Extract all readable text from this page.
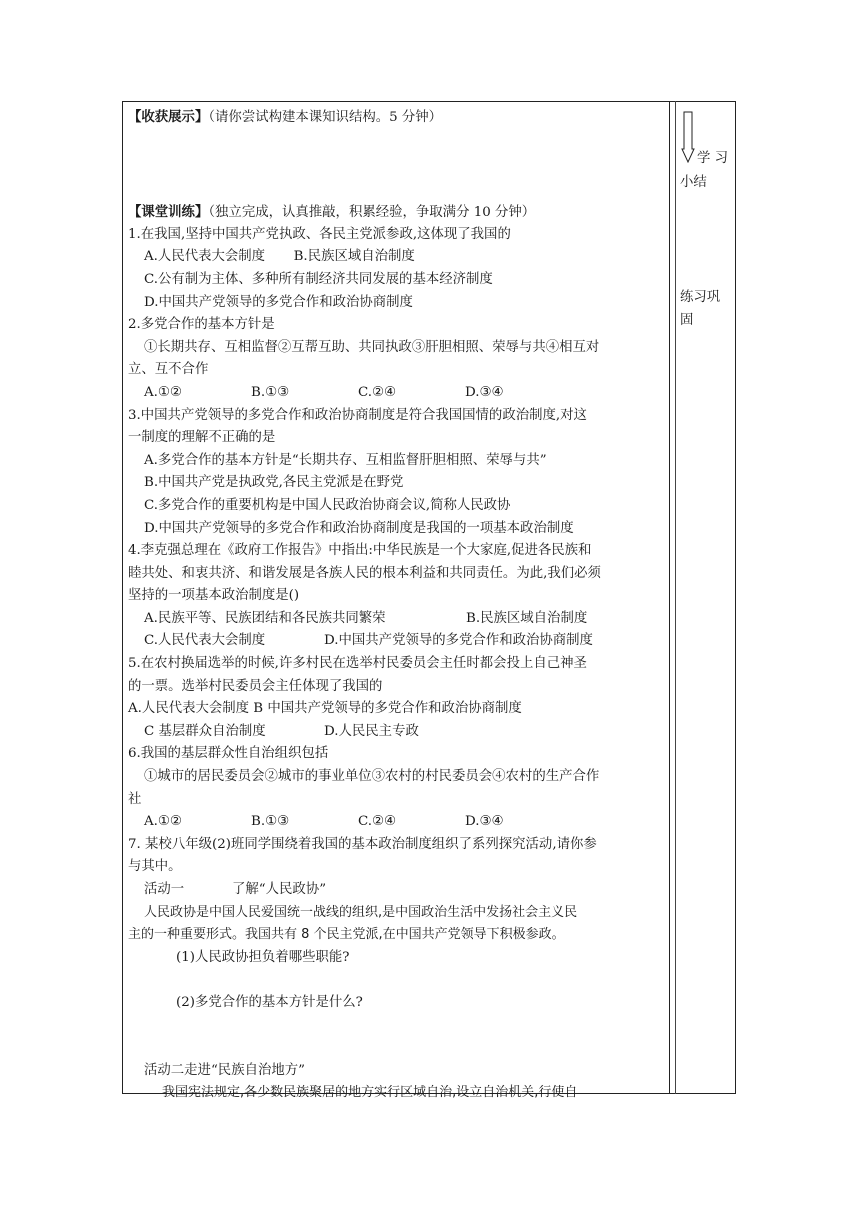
【收获展示】（请你尝试构建本课知识结构。5 分钟）
【课堂训练】（独立完成，认真推敲，积累经验，争取满分 10 分钟）
1.在我国,坚持中国共产党执政、各民主党派参政,这体现了我国的
A.人民代表大会制度 B.民族区域自治制度
C.公有制为主体、多种所有制经济共同发展的基本经济制度
D.中国共产党领导的多党合作和政治协商制度
2.多党合作的基本方针是
①长期共存、互相监督②互帮互助、共同执政③肝胆相照、荣辱与共④相互对
立、互不合作
A.①②	B.①③	C.②④	D.③④
3.中国共产党领导的多党合作和政治协商制度是符合我国国情的政治制度,对这
一制度的理解不正确的是
A.多党合作的基本方针是“长期共存、互相监督肝胆相照、荣辱与共”
B.中国共产党是执政党,各民主党派是在野党
C.多党合作的重要机构是中国人民政治协商会议,简称人民政协
D.中国共产党领导的多党合作和政治协商制度是我国的一项基本政治制度
4.李克强总理在《政府工作报告》中指出:中华民族是一个大家庭,促进各民族和
睦共处、和衷共济、和谐发展是各族人民的根本利益和共同责任。为此,我们必须
坚持的一项基本政治制度是()
A.民族平等、民族团结和各民族共同繁荣	B.民族区域自治制度
C.人民代表大会制度	D.中国共产党领导的多党合作和政治协商制度
5.在农村换届选举的时候,许多村民在选举村民委员会主任时都会投上自己神圣
的一票。选举村民委员会主任体现了我国的
A.人民代表大会制度 B 中国共产党领导的多党合作和政治协商制度
C 基层群众自治制度	D.人民民主专政
6.我国的基层群众性自治组织包括
①城市的居民委员会②城市的事业单位③农村的村民委员会④农村的生产合作
社
A.①②	B.①③	C.②④	D.③④
7. 某校八年级(2)班同学围绕着我国的基本政治制度组织了系列探究活动,请你参
与其中。
活动一	了解“人民政协”
人民政协是中国人民爱国统一战线的组织,是中国政治生活中发扬社会主义民
主的一种重要形式。我国共有 8 个民主党派,在中国共产党领导下积极参政。
(1)人民政协担负着哪些职能?
(2)多党合作的基本方针是什么?
活动二走进“民族自治地方”
我国宪法规定,各少数民族聚居的地方实行区域自治,设立自治机关,行使自
学 习
小结
练习巩
固
